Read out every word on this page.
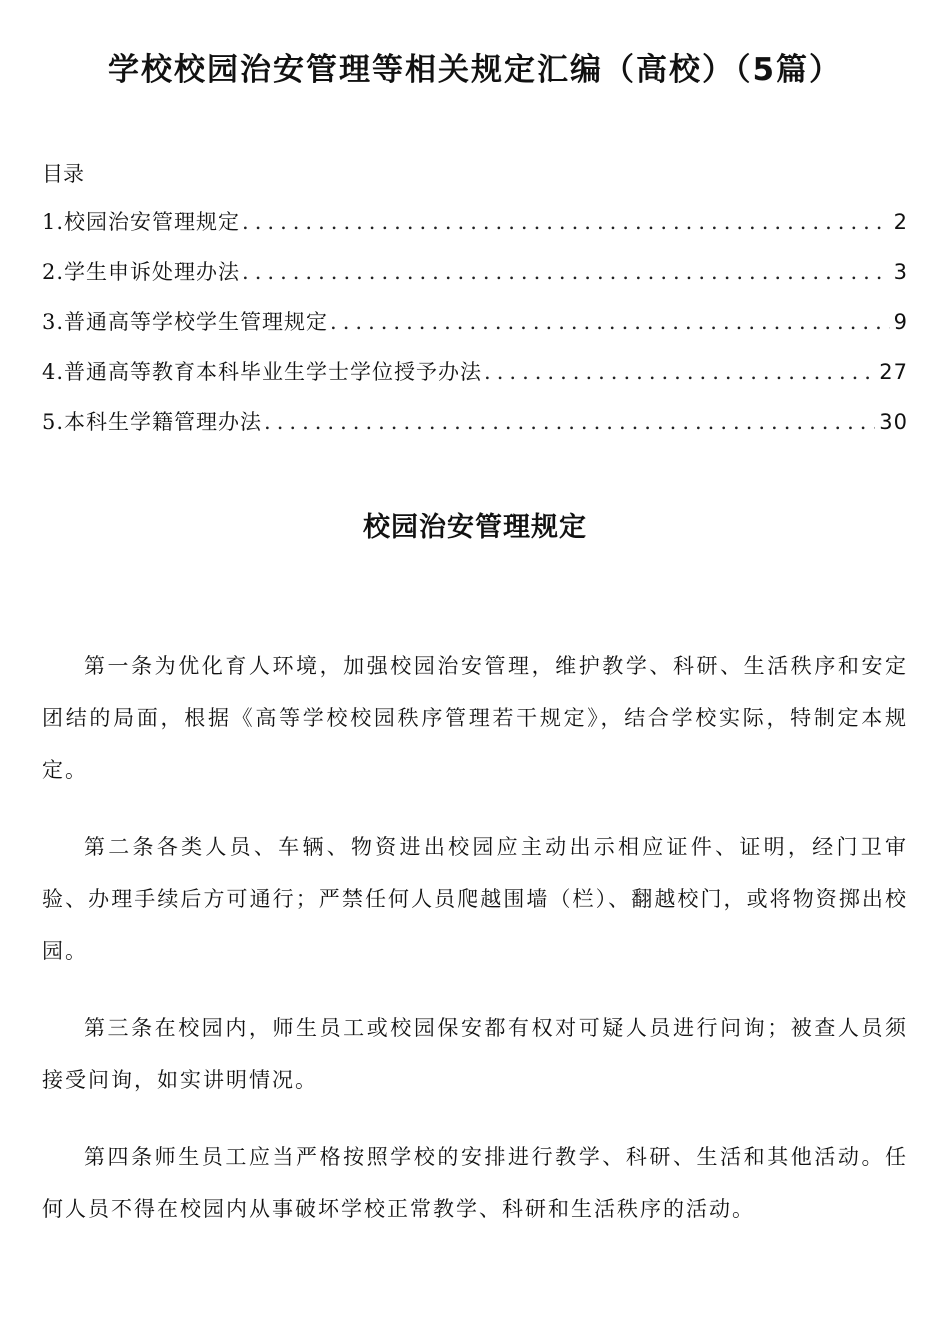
学校校园治安管理等相关规定汇编（高校）（5篇）
目录
1. 校园治安管理规定 .....	2
2. 学生申诉处理办法 .....	3
3. 普通高等学校学生管理规定 .....	9
4. 普通高等教育本科毕业生学士学位授予办法 .....	27
5. 本科生学籍管理办法 .....	30
校园治安管理规定

第一条为优化育人环境，加强校园治安管理，维护教学、科研、生活秩序和安定团结的局面，根据《高等学校校园秩序管理若干规定》，结合学校实际，特制定本规定。

第二条各类人员、车辆、物资进出校园应主动出示相应证件、证明，经门卫审验、办理手续后方可通行；严禁任何人员爬越围墙（栏）、翻越校门，或将物资掷出校园。

第三条在校园内，师生员工或校园保安都有权对可疑人员进行问询；被查人员须接受问询，如实讲明情况。

第四条师生员工应当严格按照学校的安排进行教学、科研、生活和其他活动。任何人员不得在校园内从事破坏学校正常教学、科研和生活秩序的活动。
